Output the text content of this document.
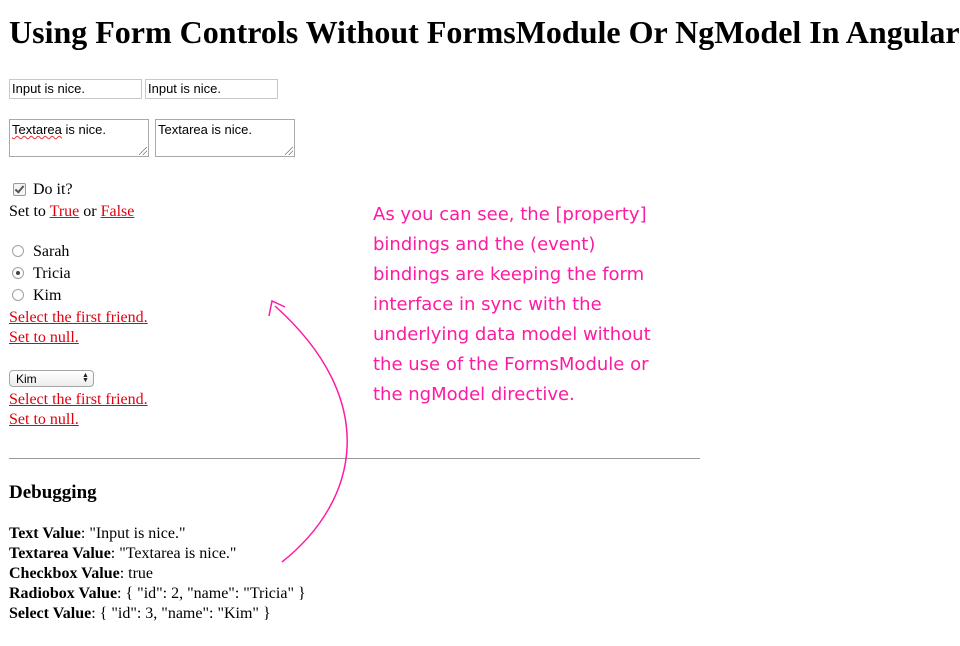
Using Form Controls Without FormsModule Or NgModel In Angular
Input is nice.	Input is nice.
Textarea is nice.	Textarea is nice.
Do it?
Set to True or False
Sarah
Tricia
Kim
Select the first friend.
Set to null.
Kim	▲
▼
Select the first friend.
Set to null.
Debugging
Text Value: "Input is nice."
Textarea Value: "Textarea is nice."
Checkbox Value: true
Radiobox Value: { "id": 2, "name": "Tricia" }
Select Value: { "id": 3, "name": "Kim" }
As you can see, the [property]
bindings and the (event)
bindings are keeping the form
interface in sync with the
underlying data model without
the use of the FormsModule or
the ngModel directive.
